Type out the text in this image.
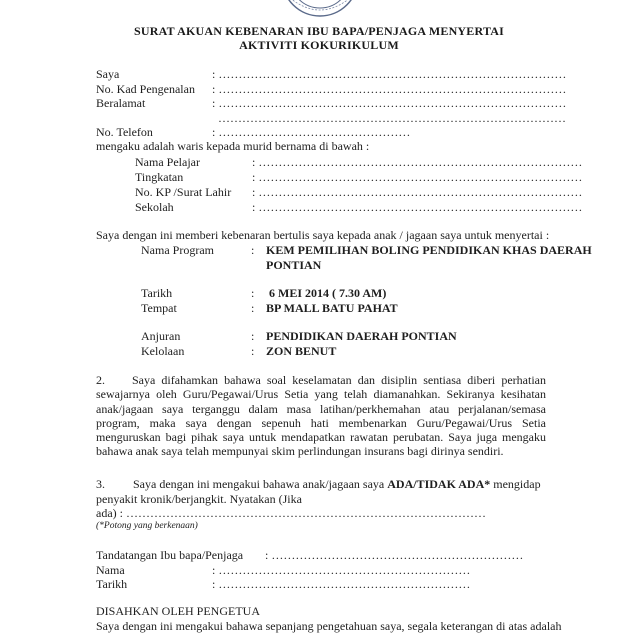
SURAT AKUAN KEBENARAN IBU BAPA/PENJAGA MENYERTAI
AKTIVITI KOKURIKULUM
Saya	: ……………………………………………………………………………
No. Kad Pengenalan : ……………………………………………………………………………
Beralamat	: ……………………………………………………………………………
……………………………………………………………………………
No. Telefon	: …………………………………………
mengaku adalah waris kepada murid bernama di bawah :
Nama Pelajar	: ………………………………………………………………………
Tingkatan	: ………………………………………………………………………
No. KP /Surat Lahir : ………………………………………………………………………
Sekolah	: ………………………………………………………………………
Saya dengan ini memberi kebenaran bertulis saya kepada anak / jagaan saya untuk menyertai :
Nama Program	: KEM PEMILIHAN BOLING PENDIDIKAN KHAS DAERAH
PONTIAN
Tarikh	: 6 MEI 2014 ( 7.30 AM)
Tempat	: BP MALL BATU PAHAT
Anjuran	: PENDIDIKAN DAERAH PONTIAN
Kelolaan	: ZON BENUT

2. Saya difahamkan bahawa soal keselamatan dan disiplin sentiasa diberi perhatian

sewajarnya oleh Guru/Pegawai/Urus Setia yang telah diamanahkan. Sekiranya kesihatan anak/jagaan saya terganggu dalam masa latihan/perkhemahan atau perjalanan/semasa program, maka saya dengan sepenuh hati membenarkan Guru/Pegawai/Urus Setia menguruskan bagi pihak saya untuk mendapatkan rawatan perubatan. Saya juga mengaku bahawa anak saya telah mempunyai skim perlindungan insurans bagi dirinya sendiri.

3. Saya dengan ini mengakui bahawa anak/jagaan saya ADA/TIDAK ADA* mengidap
penyakit kronik/berjangkit. Nyatakan (Jika
ada) : ………………………………………………………………………………
(*Potong yang berkenaan)
Tandatangan Ibu bapa/Penjaga : ………………………………………………………
Nama	: ………………………………………………………
Tarikh	: ………………………………………………………
DISAHKAN OLEH PENGETUA
Saya dengan ini mengakui bahawa sepanjang pengetahuan saya, segala keterangan di atas adalah
